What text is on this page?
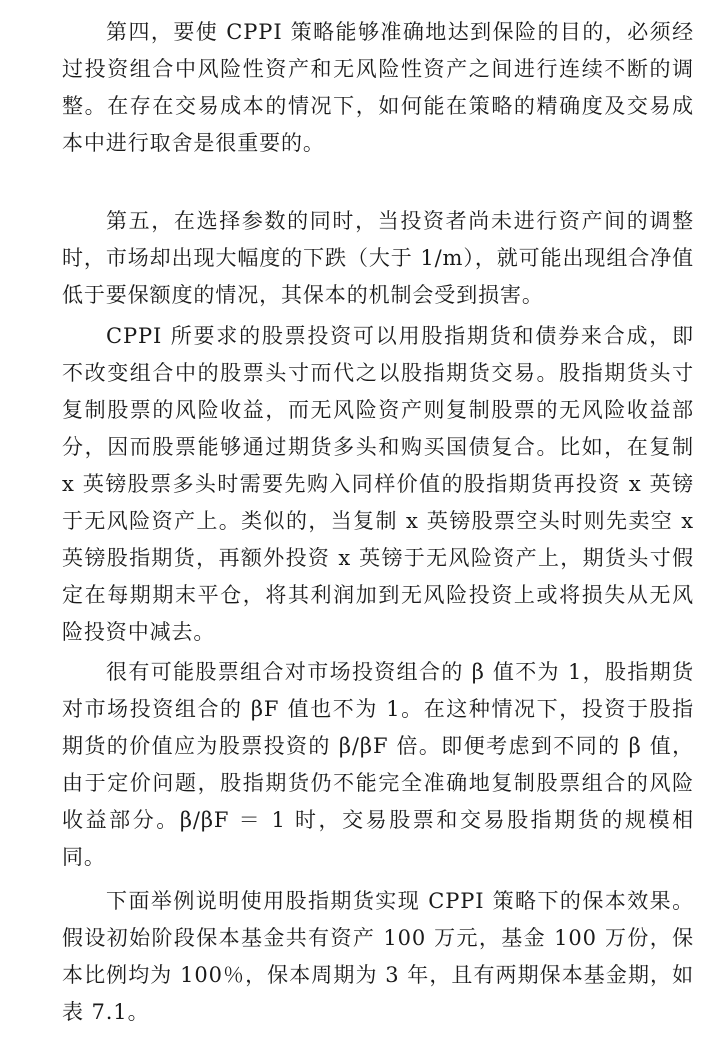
第四，要使 CPPI 策略能够准确地达到保险的目的，必须经过投资组合中风险性资产和无风险性资产之间进行连续不断的调整。在存在交易成本的情况下，如何能在策略的精确度及交易成本中进行取舍是很重要的。

第五，在选择参数的同时，当投资者尚未进行资产间的调整时，市场却出现大幅度的下跌（大于 1/m），就可能出现组合净值低于要保额度的情况，其保本的机制会受到损害。

CPPI 所要求的股票投资可以用股指期货和债券来合成，即不改变组合中的股票头寸而代之以股指期货交易。股指期货头寸复制股票的风险收益，而无风险资产则复制股票的无风险收益部分，因而股票能够通过期货多头和购买国债复合。比如，在复制 x 英镑股票多头时需要先购入同样价值的股指期货再投资 x 英镑于无风险资产上。类似的，当复制 x 英镑股票空头时则先卖空 x 英镑股指期货，再额外投资 x 英镑于无风险资产上，期货头寸假定在每期期末平仓，将其利润加到无风险投资上或将损失从无风险投资中减去。

很有可能股票组合对市场投资组合的 β 值不为 1，股指期货对市场投资组合的 βF 值也不为 1。在这种情况下，投资于股指期货的价值应为股票投资的 β/βF 倍。即便考虑到不同的 β 值，由于定价问题，股指期货仍不能完全准确地复制股票组合的风险收益部分。β/βF ＝ 1 时，交易股票和交易股指期货的规模相同。

下面举例说明使用股指期货实现 CPPI 策略下的保本效果。假设初始阶段保本基金共有资产 100 万元，基金 100 万份，保本比例均为 100％，保本周期为 3 年，且有两期保本基金期，如表 7.1。
